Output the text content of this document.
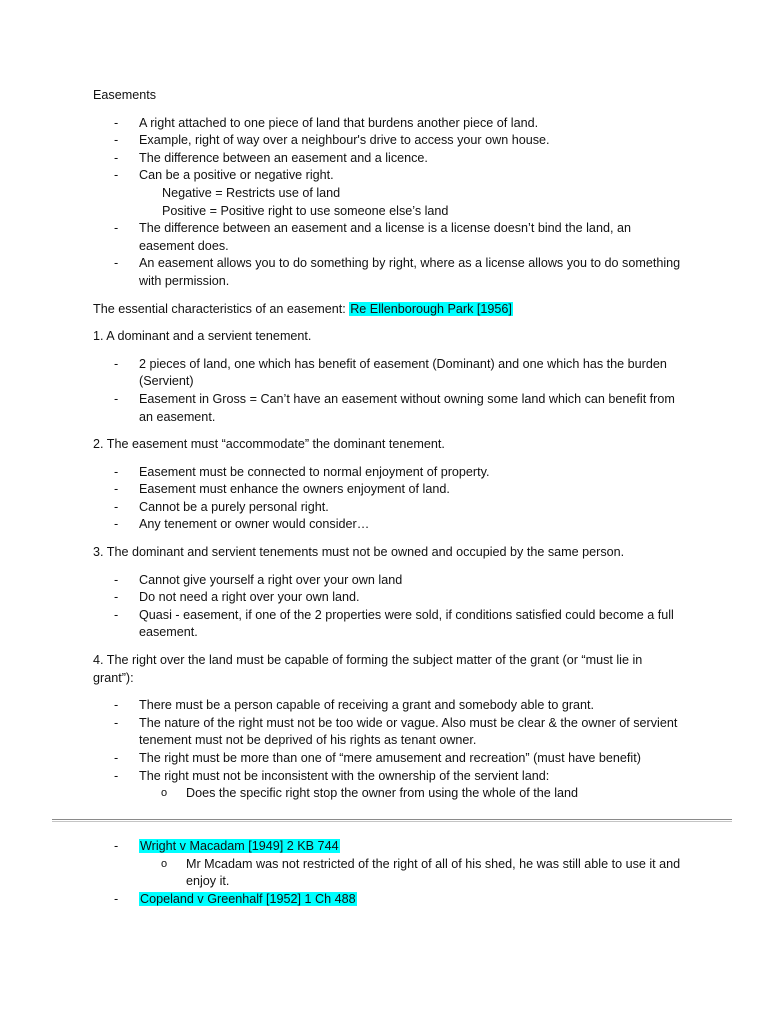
Easements

- A right attached to one piece of land that burdens another piece of land.
- Example, right of way over a neighbour's drive to access your own house.
- The difference between an easement and a licence.
- Can be a positive or negative right.
Negative = Restricts use of land
Positive = Positive right to use someone else’s land
- The difference between an easement and a license is a license doesn’t bind the land, an easement does.
- An easement allows you to do something by right, where as a license allows you to do something with permission.

The essential characteristics of an easement: Re Ellenborough Park [1956]

1. A dominant and a servient tenement.

- 2 pieces of land, one which has benefit of easement (Dominant) and one which has the burden (Servient)
- Easement in Gross = Can’t have an easement without owning some land which can benefit from an easement.

2. The easement must “accommodate” the dominant tenement.

- Easement must be connected to normal enjoyment of property.
- Easement must enhance the owners enjoyment of land.
- Cannot be a purely personal right.
- Any tenement or owner would consider…

3. The dominant and servient tenements must not be owned and occupied by the same person.

- Cannot give yourself a right over your own land
- Do not need a right over your own land.
- Quasi - easement, if one of the 2 properties were sold, if conditions satisfied could become a full easement.

4. The right over the land must be capable of forming the subject matter of the grant (or “must lie in grant”):

- There must be a person capable of receiving a grant and somebody able to grant.
- The nature of the right must not be too wide or vague. Also must be clear & the owner of servient tenement must not be deprived of his rights as tenant owner.
- The right must be more than one of “mere amusement and recreation” (must have benefit)
- The right must not be inconsistent with the ownership of the servient land:
o Does the specific right stop the owner from using the whole of the land
- Wright v Macadam [1949] 2 KB 744
o Mr Mcadam was not restricted of the right of all of his shed, he was still able to use it and enjoy it.
- Copeland v Greenhalf [1952] 1 Ch 488
